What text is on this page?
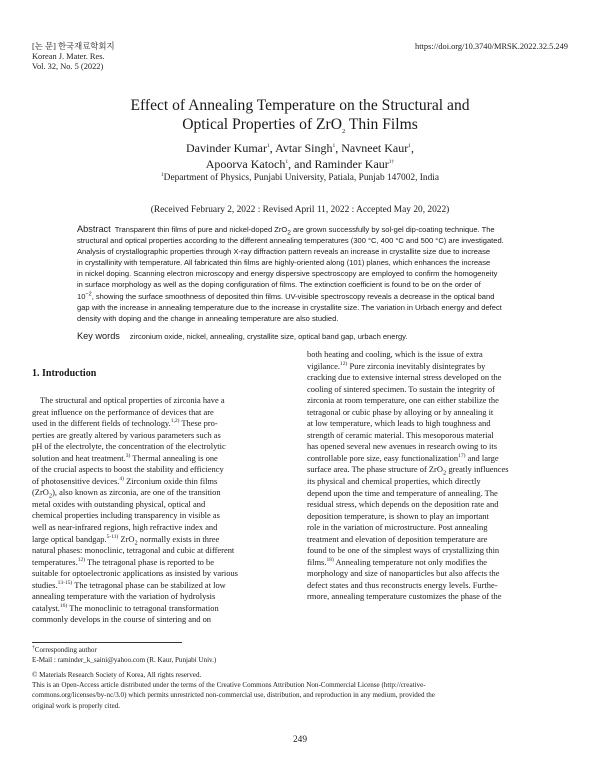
[논 문] 한국재료학회지
Korean J. Mater. Res.
Vol. 32, No. 5 (2022)
https://doi.org/10.3740/MRSK.2022.32.5.249
Effect of Annealing Temperature on the Structural and
Optical Properties of ZrO$_2$ Thin Films
Davinder Kumar$^1$, Avtar Singh$^1$, Navneet Kaur$^1$,
Apoorva Katoch$^1$, and Raminder Kaur$^{1\dagger}$
$^1$Department of Physics, Punjabi University, Patiala, Punjab 147002, India
(Received February 2, 2022 : Revised April 11, 2022 : Accepted May 20, 2022)
Abstract Transparent thin films of pure and nickel-doped ZrO$_2$ are grown successfully by sol-gel dip-coating technique. The
structural and optical properties according to the different annealing temperatures (300 °C, 400 °C and 500 °C) are investigated.
Analysis of crystallographic properties through X-ray diffraction pattern reveals an increase in crystallite size due to increase
in crystallinity with temperature. All fabricated thin films are highly-oriented along (101) planes, which enhances the increase
in nickel doping. Scanning electron microscopy and energy dispersive spectroscopy are employed to confirm the homogeneity
in surface morphology as well as the doping configuration of films. The extinction coefficient is found to be on the order of
$10^{-2}$, showing the surface smoothness of deposited thin films. UV-visible spectroscopy reveals a decrease in the optical band
gap with the increase in annealing temperature due to the increase in crystallite size. The variation in Urbach energy and defect
density with doping and the change in annealing temperature are also studied.
Key words zirconium oxide, nickel, annealing, crystallite size, optical band gap, urbach energy.
1. Introduction
The structural and optical properties of zirconia have a
great influence on the performance of devices that are
used in the different fields of technology.$^{1,2)}$ These pro-
perties are greatly altered by various parameters such as
pH of the electrolyte, the concentration of the electrolytic
solution and heat treatment.$^{3)}$ Thermal annealing is one
of the crucial aspects to boost the stability and efficiency
of photosensitive devices.$^{4)}$ Zirconium oxide thin films
(ZrO$_2$), also known as zirconia, are one of the transition
metal oxides with outstanding physical, optical and
chemical properties including transparency in visible as
well as near-infrared regions, high refractive index and
large optical bandgap.$^{5-11)}$ ZrO$_2$ normally exists in three
natural phases: monoclinic, tetragonal and cubic at different
temperatures.$^{12)}$ The tetragonal phase is reported to be
suitable for optoelectronic applications as insisted by various
studies.$^{13-15)}$ The tetragonal phase can be stabilized at low
annealing temperature with the variation of hydrolysis
catalyst.$^{16)}$ The monoclinic to tetragonal transformation
commonly develops in the course of sintering and on
both heating and cooling, which is the issue of extra
vigilance.$^{12)}$ Pure zirconia inevitably disintegrates by
cracking due to extensive internal stress developed on the
cooling of sintered specimen. To sustain the integrity of
zirconia at room temperature, one can either stabilize the
tetragonal or cubic phase by alloying or by annealing it
at low temperature, which leads to high toughness and
strength of ceramic material. This mesoporous material
has opened several new avenues in research owing to its
controllable pore size, easy functionalization$^{17)}$ and large
surface area. The phase structure of ZrO$_2$ greatly influences
its physical and chemical properties, which directly
depend upon the time and temperature of annealing. The
residual stress, which depends on the deposition rate and
deposition temperature, is shown to play an important
role in the variation of microstructure. Post annealing
treatment and elevation of deposition temperature are
found to be one of the simplest ways of crystallizing thin
films.$^{18)}$ Annealing temperature not only modifies the
morphology and size of nanoparticles but also affects the
defect states and thus reconstructs energy levels. Furthe-
rmore, annealing temperature customizes the phase of the
†Corresponding author
E-Mail : raminder_k_saini@yahoo.com (R. Kaur, Punjabi Univ.)
© Materials Research Society of Korea, All rights reserved.
This is an Open-Access article distributed under the terms of the Creative Commons Attribution Non-Commercial License (http://creative-
commons.org/licenses/by-nc/3.0) which permits unrestricted non-commercial use, distribution, and reproduction in any medium, provided the
original work is properly cited.
249
